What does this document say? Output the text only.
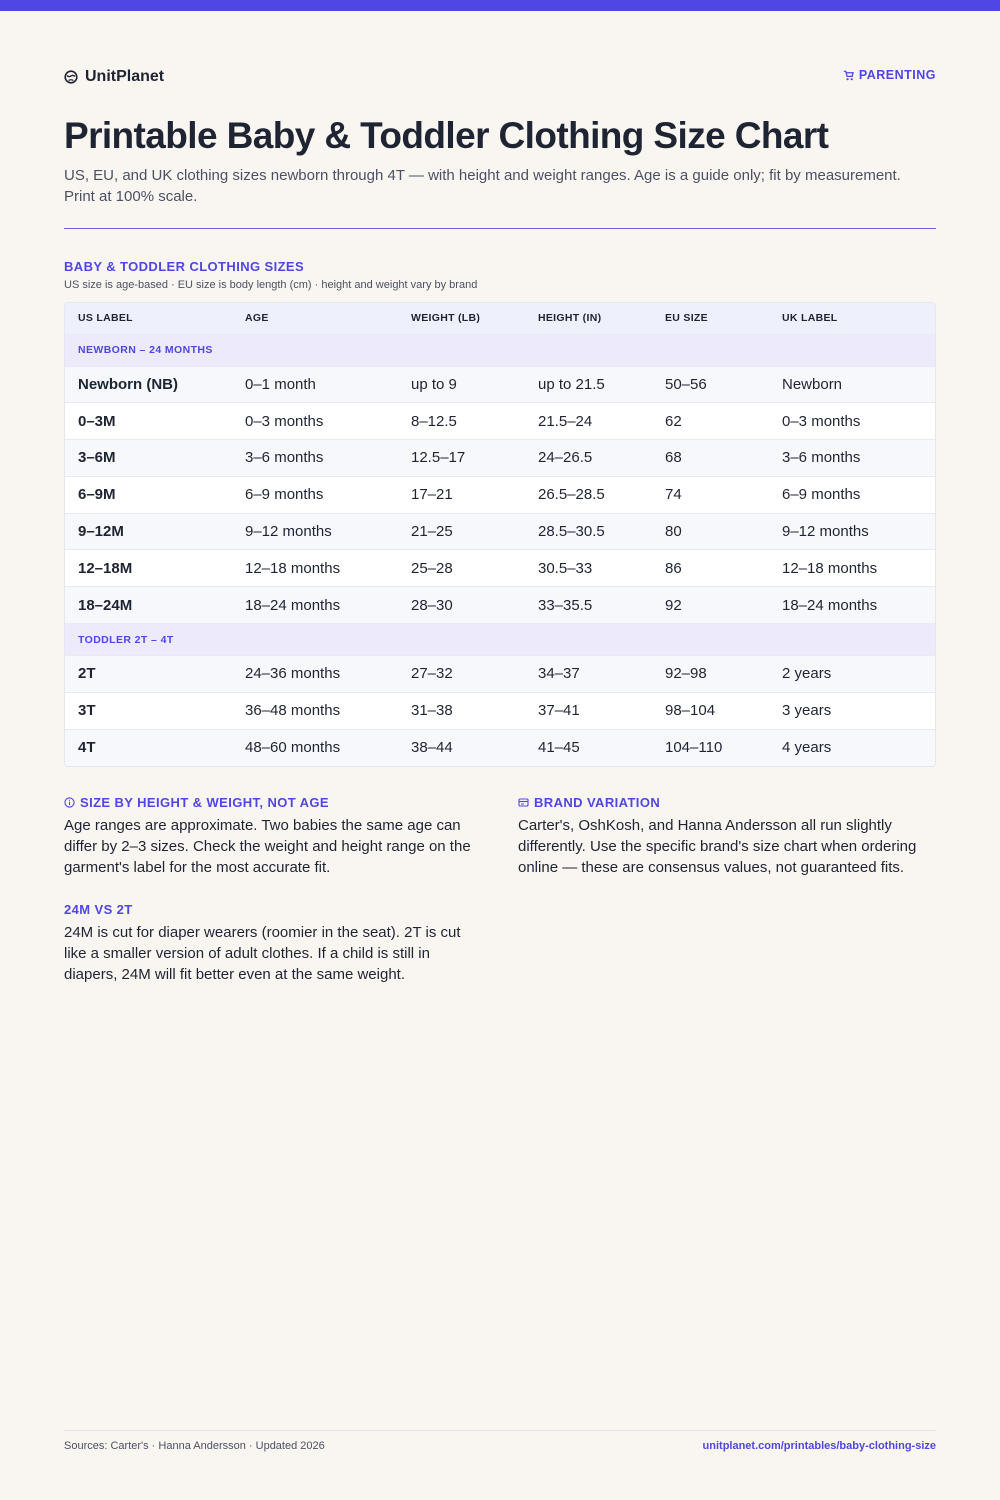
UnitPlanet	PARENTING
Printable Baby & Toddler Clothing Size Chart

US, EU, and UK clothing sizes newborn through 4T — with height and weight ranges. Age is a guide only; fit by measurement. Print at 100% scale.

BABY & TODDLER CLOTHING SIZES
US size is age-based · EU size is body length (cm) · height and weight vary by brand
US LABEL	AGE	WEIGHT (LB)	HEIGHT (IN)	EU SIZE	UK LABEL
NEWBORN – 24 MONTHS					
Newborn (NB)	0–1 month	up to 9	up to 21.5	50–56	Newborn
0–3M	0–3 months	8–12.5	21.5–24	62	0–3 months
3–6M	3–6 months	12.5–17	24–26.5	68	3–6 months
6–9M	6–9 months	17–21	26.5–28.5	74	6–9 months
9–12M	9–12 months	21–25	28.5–30.5	80	9–12 months
12–18M	12–18 months	25–28	30.5–33	86	12–18 months
18–24M	18–24 months	28–30	33–35.5	92	18–24 months
TODDLER 2T – 4T					
2T	24–36 months	27–32	34–37	92–98	2 years
3T	36–48 months	31–38	37–41	98–104	3 years
4T	48–60 months	38–44	41–45	104–110	4 years
SIZE BY HEIGHT & WEIGHT, NOT AGE
Age ranges are approximate. Two babies the same age can differ by 2–3 sizes. Check the weight and height range on the garment's label for the most accurate fit.
24M VS 2T
24M is cut for diaper wearers (roomier in the seat). 2T is cut like a smaller version of adult clothes. If a child is still in diapers, 24M will fit better even at the same weight.
BRAND VARIATION
Carter's, OshKosh, and Hanna Andersson all run slightly differently. Use the specific brand's size chart when ordering online — these are consensus values, not guaranteed fits.
Sources: Carter's · Hanna Andersson · Updated 2026	unitplanet.com/printables/baby-clothing-size
